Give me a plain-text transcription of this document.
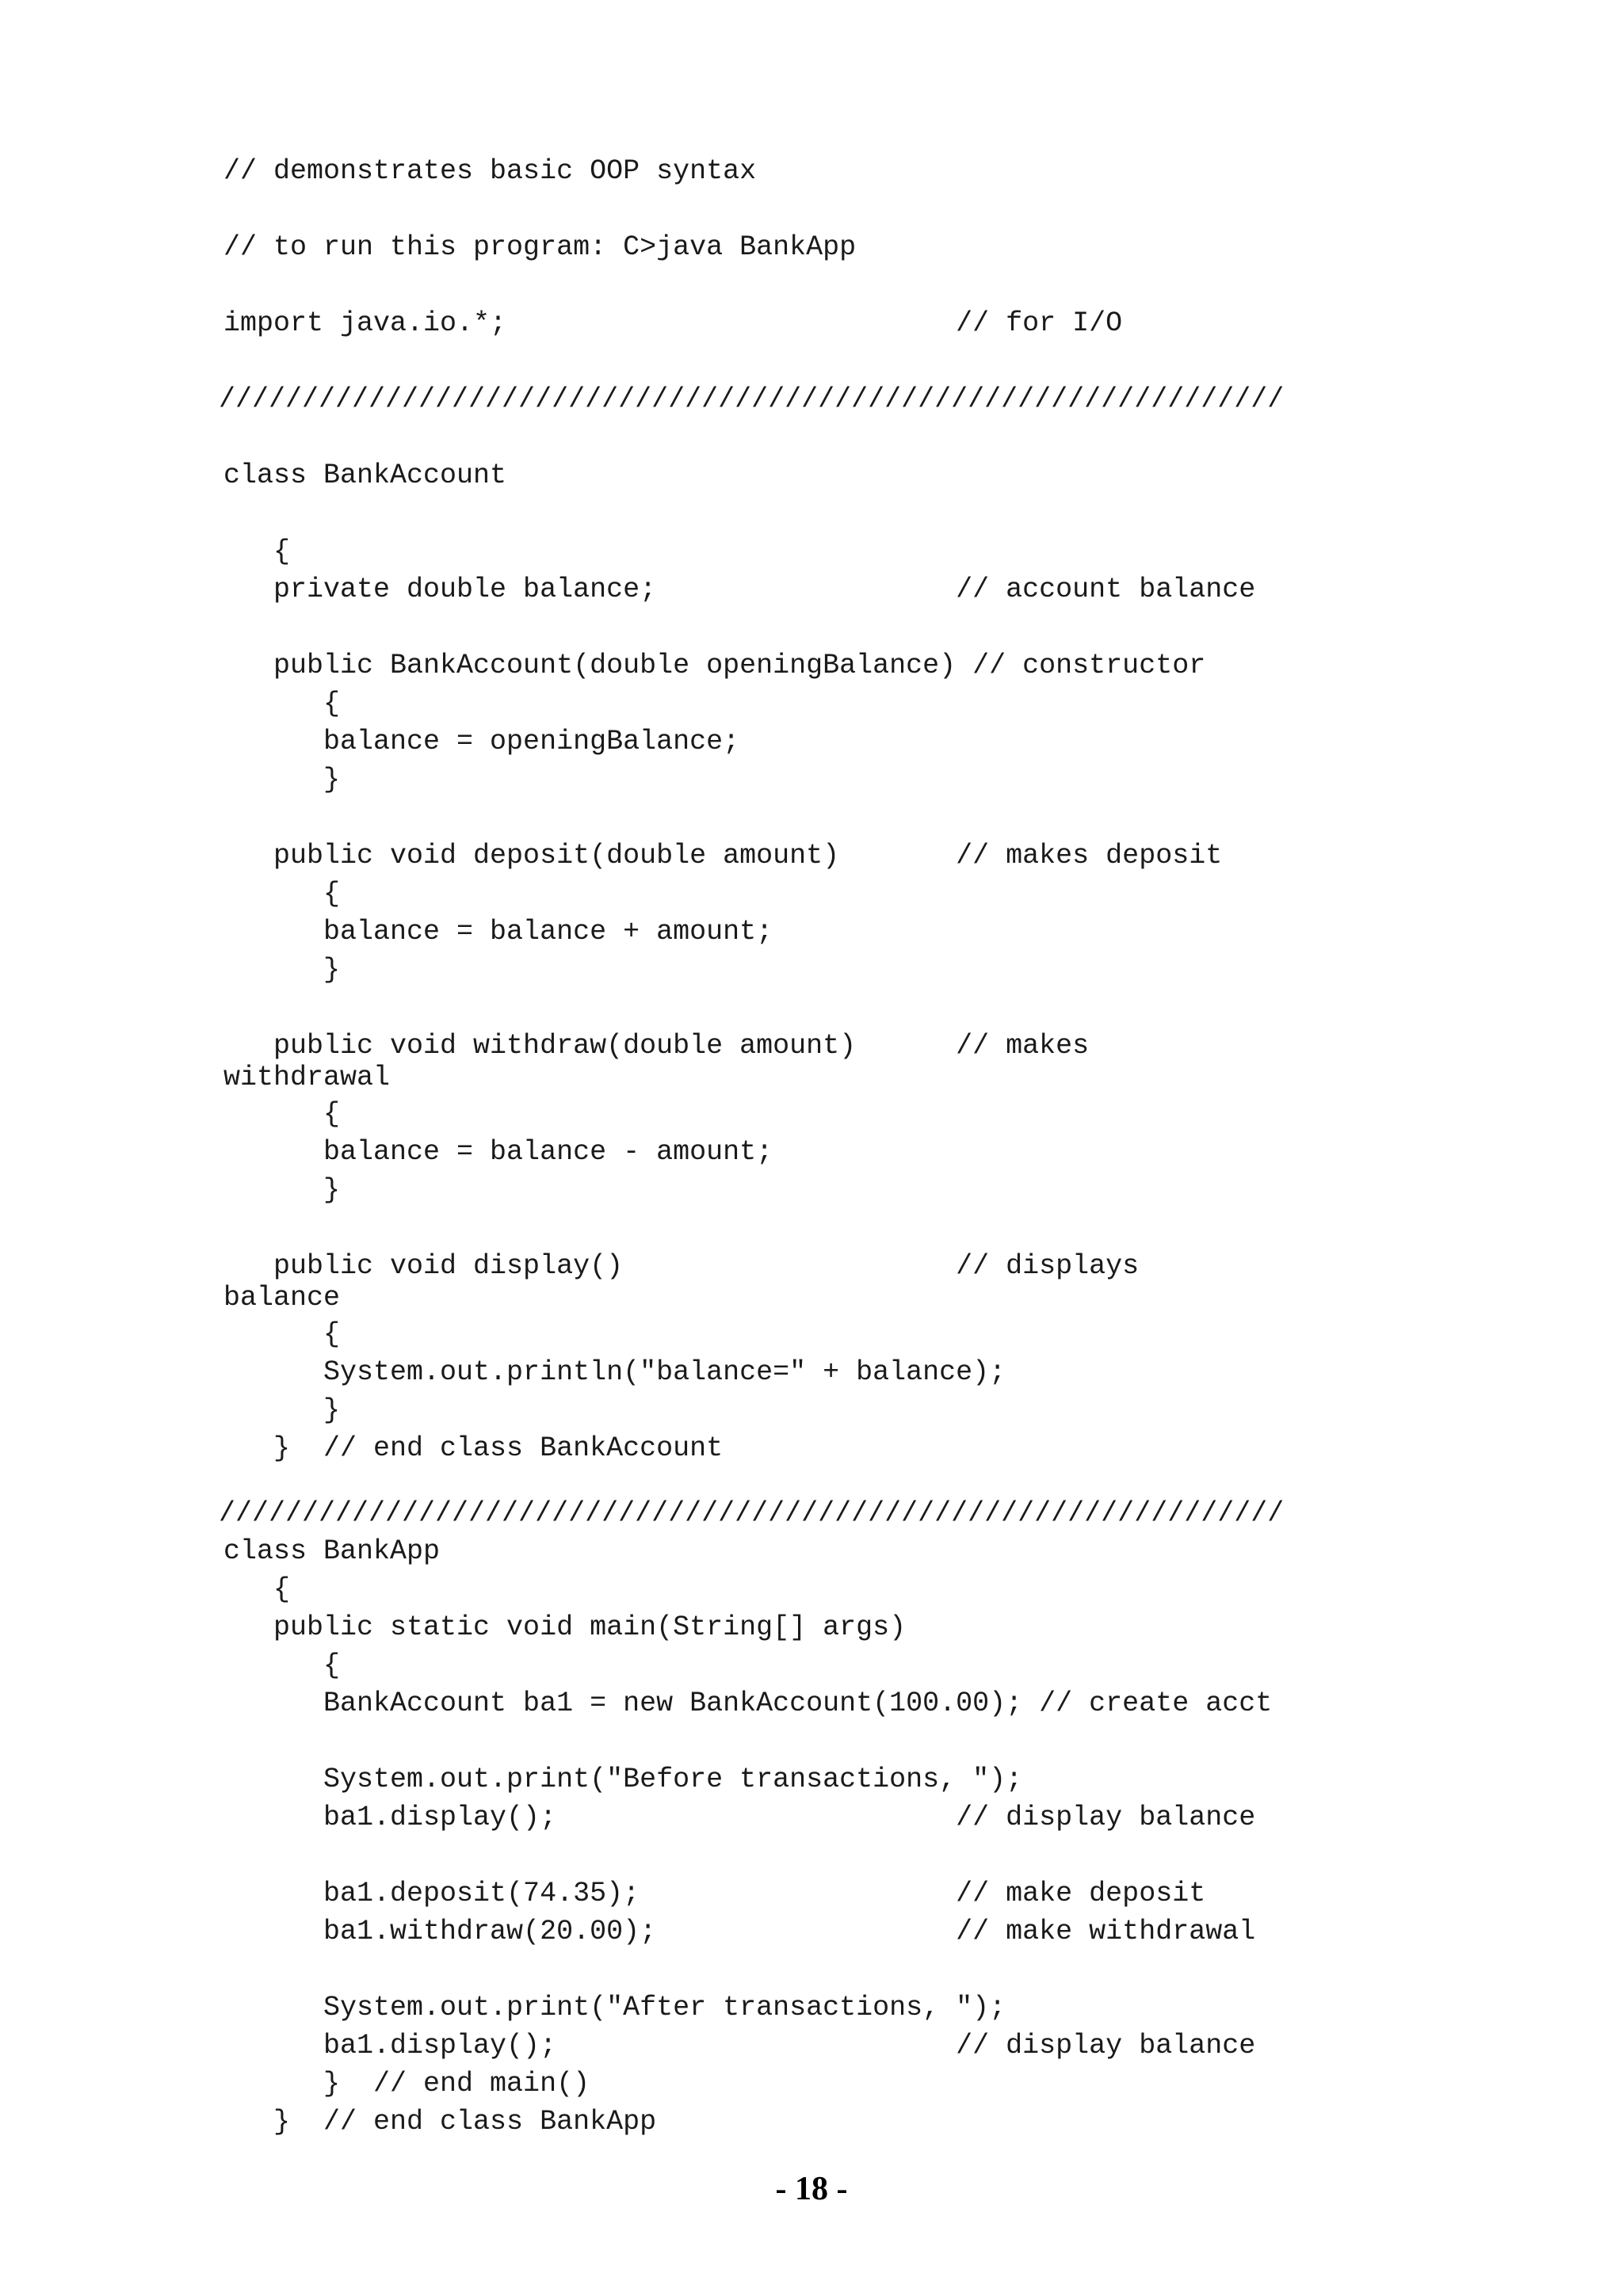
// demonstrates basic OOP syntax
// to run this program: C>java BankApp
import java.io.*;                           // for I/O
////////////////////////////////////////////////////////////////
class BankAccount
{
private double balance;                  // account balance
public BankAccount(double openingBalance) // constructor
{
balance = openingBalance;
}
public void deposit(double amount)       // makes deposit
{
balance = balance + amount;
}
public void withdraw(double amount)      // makes
withdrawal
{
balance = balance - amount;
}
public void display()                    // displays
balance
{
System.out.println("balance=" + balance);
}
}  // end class BankAccount
////////////////////////////////////////////////////////////////
class BankApp
{
public static void main(String[] args)
{
BankAccount ba1 = new BankAccount(100.00); // create acct
System.out.print("Before transactions, ");
ba1.display();                        // display balance
ba1.deposit(74.35);                   // make deposit
ba1.withdraw(20.00);                  // make withdrawal
System.out.print("After transactions, ");
ba1.display();                        // display balance
}  // end main()
}  // end class BankApp
- 18 -
